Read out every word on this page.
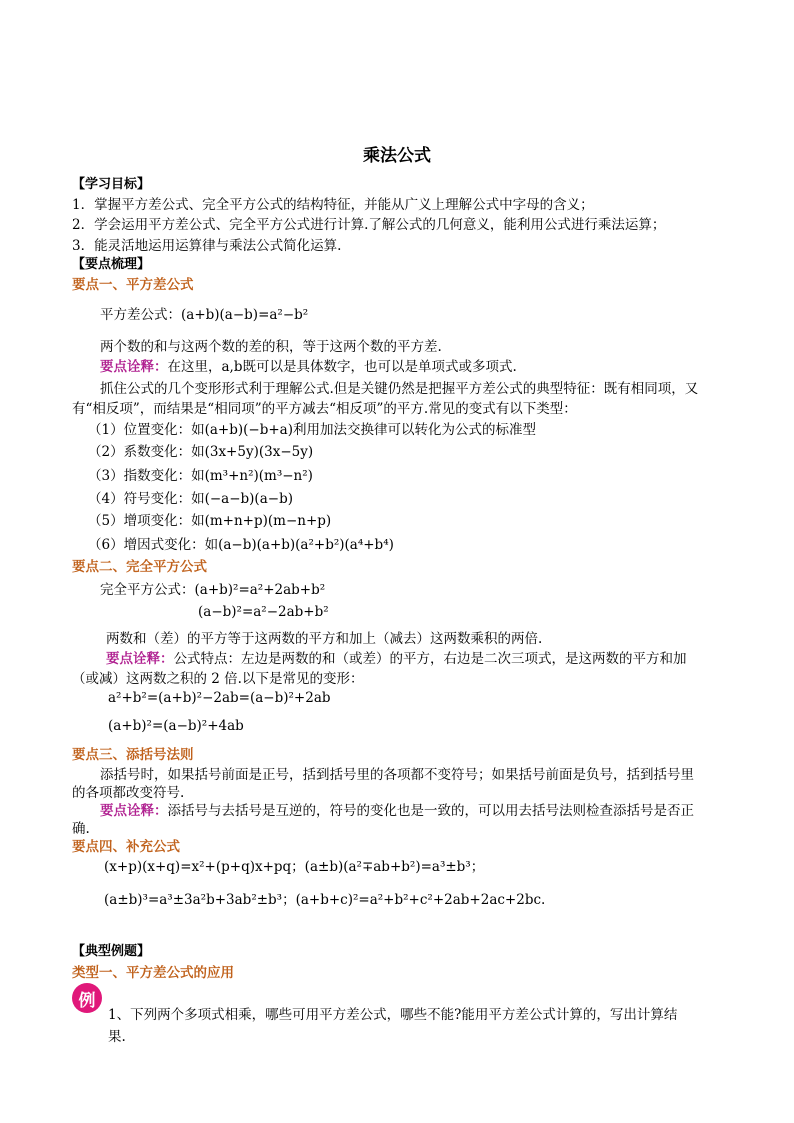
乘法公式
【学习目标】
1．掌握平方差公式、完全平方公式的结构特征，并能从广义上理解公式中字母的含义；
2．学会运用平方差公式、完全平方公式进行计算.了解公式的几何意义，能利用公式进行乘法运算；
3．能灵活地运用运算律与乘法公式简化运算.
【要点梳理】
要点一、平方差公式
平方差公式：(a+b)(a−b)=a²−b²
两个数的和与这两个数的差的积，等于这两个数的平方差.
要点诠释：在这里，a,b既可以是具体数字，也可以是单项式或多项式.
抓住公式的几个变形形式利于理解公式.但是关键仍然是把握平方差公式的典型特征：既有相同项，又
有“相反项”，而结果是“相同项”的平方减去“相反项”的平方.常见的变式有以下类型：
（1）位置变化：如(a+b)(−b+a)利用加法交换律可以转化为公式的标准型
（2）系数变化：如(3x+5y)(3x−5y)
（3）指数变化：如(m³+n²)(m³−n²)
（4）符号变化：如(−a−b)(a−b)
（5）增项变化：如(m+n+p)(m−n+p)
（6）增因式变化：如(a−b)(a+b)(a²+b²)(a⁴+b⁴)
要点二、完全平方公式
完全平方公式：(a+b)²=a²+2ab+b²
(a−b)²=a²−2ab+b²
两数和（差）的平方等于这两数的平方和加上（减去）这两数乘积的两倍.
要点诠释：公式特点：左边是两数的和（或差）的平方，右边是二次三项式，是这两数的平方和加
（或减）这两数之积的 2 倍.以下是常见的变形：
a²+b²=(a+b)²−2ab=(a−b)²+2ab
(a+b)²=(a−b)²+4ab
要点三、添括号法则
添括号时，如果括号前面是正号，括到括号里的各项都不变符号；如果括号前面是负号，括到括号里
的各项都改变符号.
要点诠释：添括号与去括号是互逆的，符号的变化也是一致的，可以用去括号法则检查添括号是否正
确.
要点四、补充公式
(x+p)(x+q)=x²+(p+q)x+pq；(a±b)(a²∓ab+b²)=a³±b³；
(a±b)³=a³±3a²b+3ab²±b³；(a+b+c)²=a²+b²+c²+2ab+2ac+2bc.
【典型例题】
类型一、平方差公式的应用
例
1、下列两个多项式相乘，哪些可用平方差公式，哪些不能?能用平方差公式计算的，写出计算结
果.
